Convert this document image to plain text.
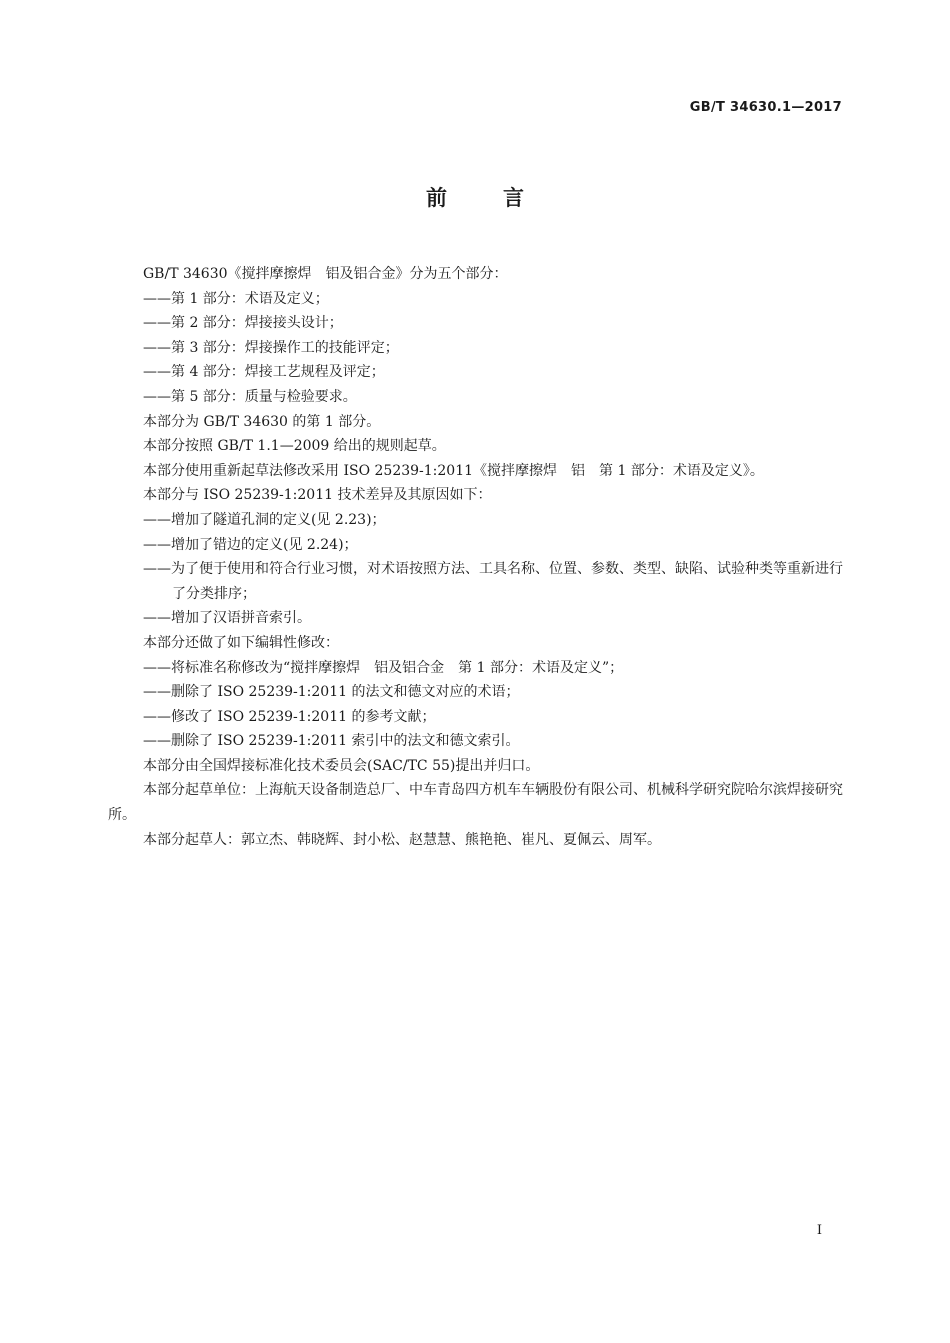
GB/T 34630.1—2017
前言
GB/T 34630《搅拌摩擦焊　铝及铝合金》分为五个部分：
——第 1 部分：术语及定义；
——第 2 部分：焊接接头设计；
——第 3 部分：焊接操作工的技能评定；
——第 4 部分：焊接工艺规程及评定；
——第 5 部分：质量与检验要求。
本部分为 GB/T 34630 的第 1 部分。
本部分按照 GB/T 1.1—2009 给出的规则起草。
本部分使用重新起草法修改采用 ISO 25239-1:2011《搅拌摩擦焊　铝　第 1 部分：术语及定义》。
本部分与 ISO 25239-1:2011 技术差异及其原因如下：
——增加了隧道孔洞的定义(见 2.23)；
——增加了错边的定义(见 2.24)；
——为了便于使用和符合行业习惯，对术语按照方法、工具名称、位置、参数、类型、缺陷、试验种类等重新进行了分类排序；
——增加了汉语拼音索引。
本部分还做了如下编辑性修改：
——将标准名称修改为“搅拌摩擦焊　铝及铝合金　第 1 部分：术语及定义”；
——删除了 ISO 25239-1:2011 的法文和德文对应的术语；
——修改了 ISO 25239-1:2011 的参考文献；
——删除了 ISO 25239-1:2011 索引中的法文和德文索引。
本部分由全国焊接标准化技术委员会(SAC/TC 55)提出并归口。
本部分起草单位：上海航天设备制造总厂、中车青岛四方机车车辆股份有限公司、机械科学研究院哈尔滨焊接研究所。
本部分起草人：郭立杰、韩晓辉、封小松、赵慧慧、熊艳艳、崔凡、夏佩云、周军。
I
